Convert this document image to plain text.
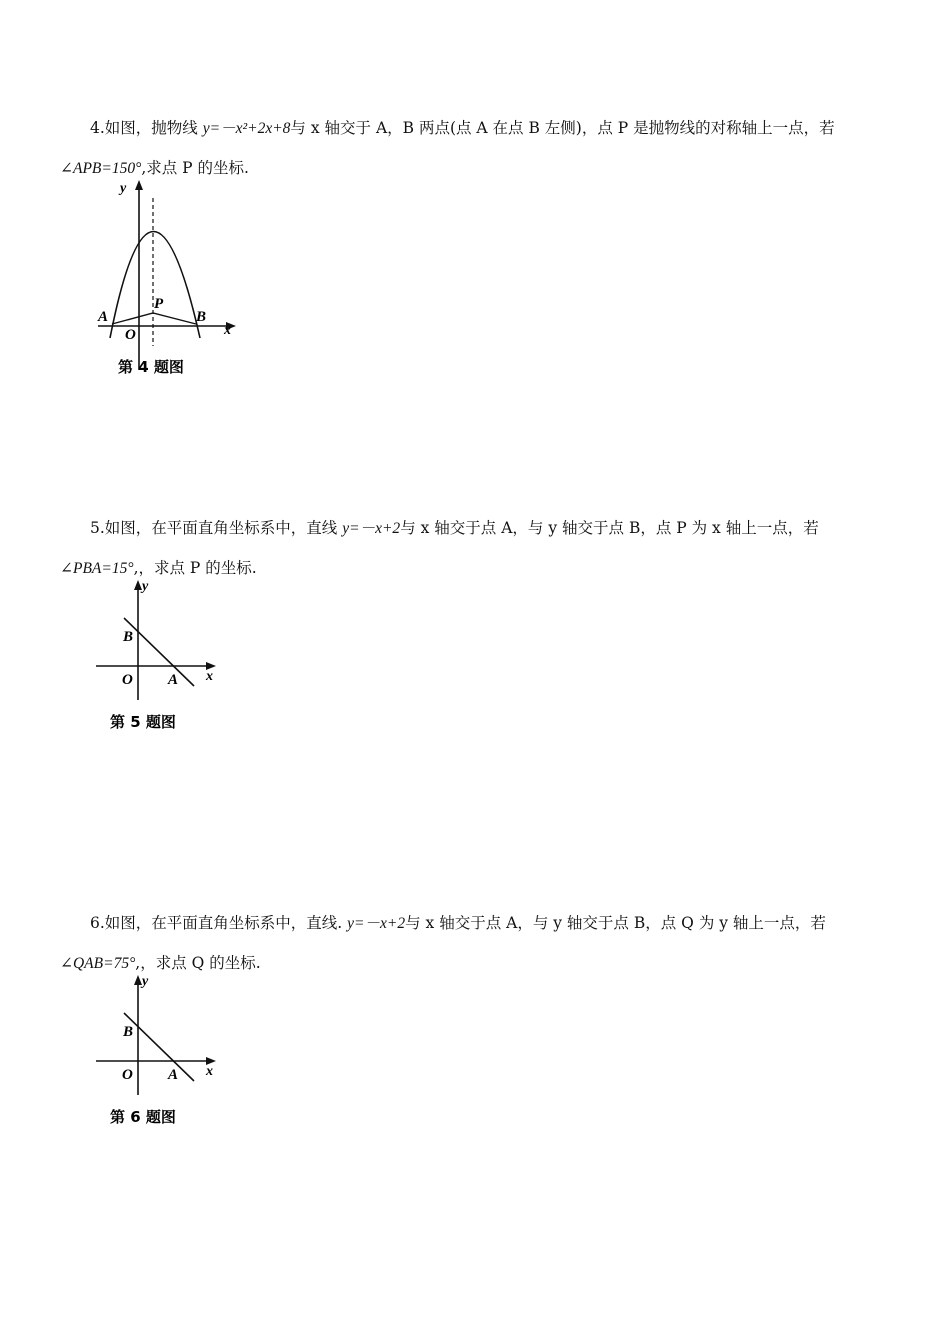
4.如图，抛物线 y=－x²+2x+8与 x 轴交于 A，B 两点(点 A 在点 B 左侧)，点 P 是抛物线的对称轴上一点，若
∠APB=150°,求点 P 的坐标.
y
x
A	B
P
O
第 4 题图
5.如图，在平面直角坐标系中，直线 y=－x+2与 x 轴交于点 A，与 y 轴交于点 B，点 P 为 x 轴上一点，若
∠PBA=15°,，求点 P 的坐标.
y
x
B
A
O
第 5 题图
6.如图，在平面直角坐标系中，直线. y=－x+2与 x 轴交于点 A，与 y 轴交于点 B，点 Q 为 y 轴上一点，若
∠QAB=75°,，求点 Q 的坐标.
y
x
B
A
O
第 6 题图
